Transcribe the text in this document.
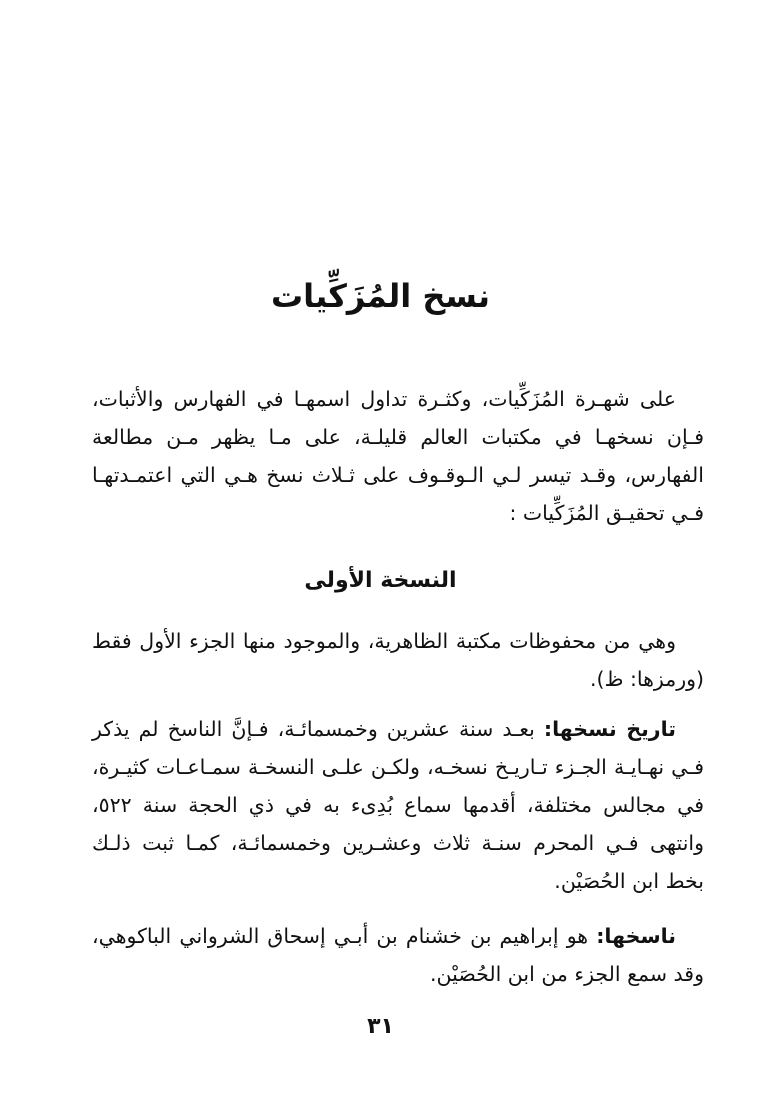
نسخ المُزَكِّيات

على شهـرة المُزَكِّيات، وكثـرة تداول اسمهـا في الفهارس والأثبات، فـإن نسخهـا في مكتبات العالم قليلـة، على مـا يظهر مـن مطالعة الفهارس، وقـد تيسر لـي الـوقـوف على ثـلاث نسخ هـي التي اعتمـدتهـا فـي تحقيـق المُزَكِّيات :

النسخة الأولى

وهي من محفوظات مكتبة الظاهرية، والموجود منها الجزء الأول فقط (ورمزها: ظ).

تاريخ نسخها: بعـد سنة عشرين وخمسمائـة، فـإنَّ الناسخ لم يذكر فـي نهـايـة الجـزء تـاريـخ نسخـه، ولكـن علـى النسخـة سمـاعـات كثيـرة، في مجالس مختلفة، أقدمها سماع بُدِىء به في ذي الحجة سنة ٥٢٢، وانتهى فـي المحرم سنـة ثلاث وعشـرين وخمسمائـة، كمـا ثبت ذلـك بخط ابن الحُصَيْن.

ناسخها: هو إبراهيم بن خشنام بن أبـي إسحاق الشرواني الباكوهي، وقد سمع الجزء من ابن الحُصَيْن.

٣١
